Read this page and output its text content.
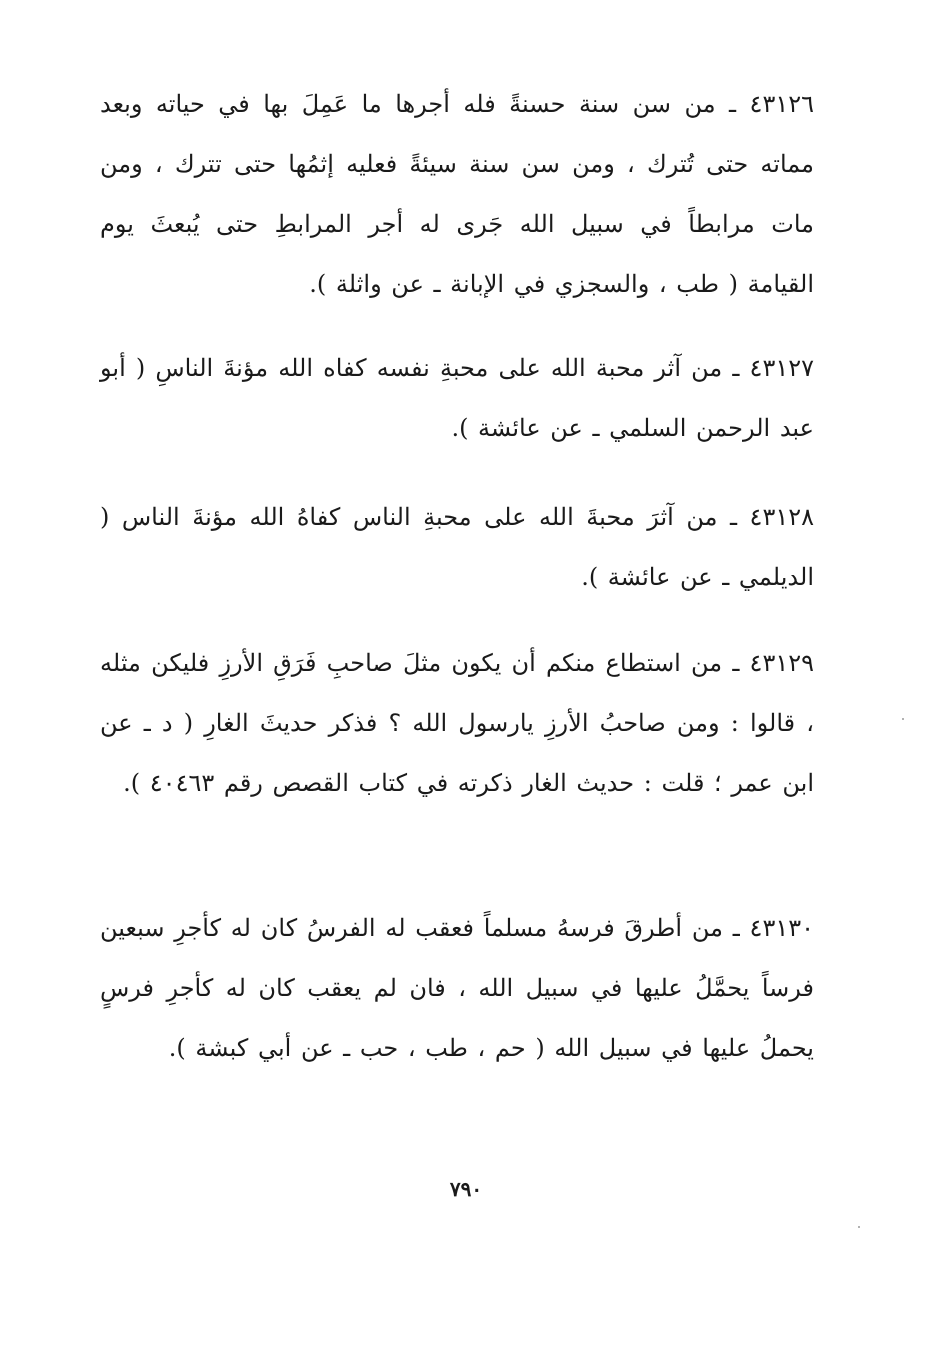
٤٣١٢٦ ـ من سن سنة حسنةً فله أجرها ما عَمِلَ بها في حياته وبعد مماته حتى تُترك ، ومن سن سنة سيئةً فعليه إثمُها حتى تترك ، ومن مات مرابطاً في سبيل الله جَرى له أجر المرابطِ حتى يُبعثَ يوم القيامة ( طب ، والسجزي في الإبانة ـ عن واثلة ).

٤٣١٢٧ ـ من آثر محبة الله على محبةِ نفسه كفاه الله مؤنةَ الناسِ ( أبو عبد الرحمن السلمي ـ عن عائشة ).

٤٣١٢٨ ـ من آثرَ محبةَ الله على محبةِ الناس كفاهُ الله مؤنةَ الناس ( الديلمي ـ عن عائشة ).

٤٣١٢٩ ـ من استطاع منكم أن يكون مثلَ صاحبِ فَرَقِ الأرزِ فليكن مثله ، قالوا : ومن صاحبُ الأرزِ يارسول الله ؟ فذكر حديثَ الغارِ ( د ـ عن ابن عمر ؛ قلت : حديث الغار ذكرته في كتاب القصص رقم ٤٠٤٦٣ ).

٤٣١٣٠ ـ من أطرقَ فرسهُ مسلماً فعقب له الفرسُ كان له كأجرِ سبعين فرساً يحمَّلُ عليها في سبيل الله ، فان لم يعقب كان له كأجرِ فرسٍ يحملُ عليها في سبيل الله ( حم ، طب ، حب ـ عن أبي كبشة ).

٧٩٠
